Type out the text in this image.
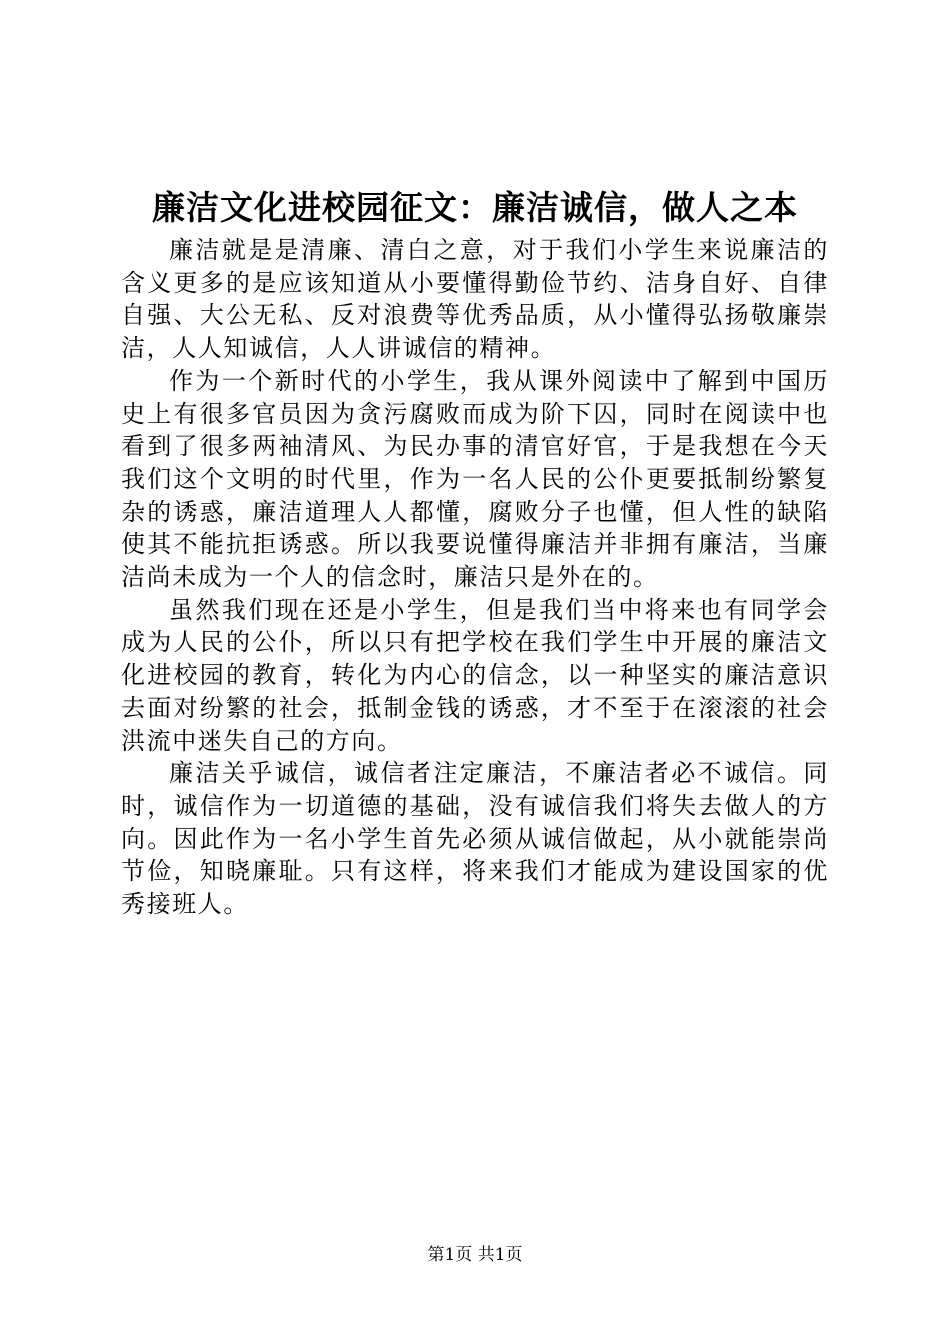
廉洁文化进校园征文：廉洁诚信，做人之本

廉洁就是是清廉、清白之意，对于我们小学生来说廉洁的含义更多的是应该知道从小要懂得勤俭节约、洁身自好、自律自强、大公无私、反对浪费等优秀品质，从小懂得弘扬敬廉崇洁，人人知诚信，人人讲诚信的精神。

作为一个新时代的小学生，我从课外阅读中了解到中国历史上有很多官员因为贪污腐败而成为阶下囚，同时在阅读中也看到了很多两袖清风、为民办事的清官好官，于是我想在今天我们这个文明的时代里，作为一名人民的公仆更要抵制纷繁复杂的诱惑，廉洁道理人人都懂，腐败分子也懂，但人性的缺陷使其不能抗拒诱惑。所以我要说懂得廉洁并非拥有廉洁，当廉洁尚未成为一个人的信念时，廉洁只是外在的。

虽然我们现在还是小学生，但是我们当中将来也有同学会成为人民的公仆，所以只有把学校在我们学生中开展的廉洁文化进校园的教育，转化为内心的信念，以一种坚实的廉洁意识去面对纷繁的社会，抵制金钱的诱惑，才不至于在滚滚的社会洪流中迷失自己的方向。

廉洁关乎诚信，诚信者注定廉洁，不廉洁者必不诚信。同时，诚信作为一切道德的基础，没有诚信我们将失去做人的方向。因此作为一名小学生首先必须从诚信做起，从小就能崇尚节俭，知晓廉耻。只有这样，将来我们才能成为建设国家的优秀接班人。

第1页 共1页
